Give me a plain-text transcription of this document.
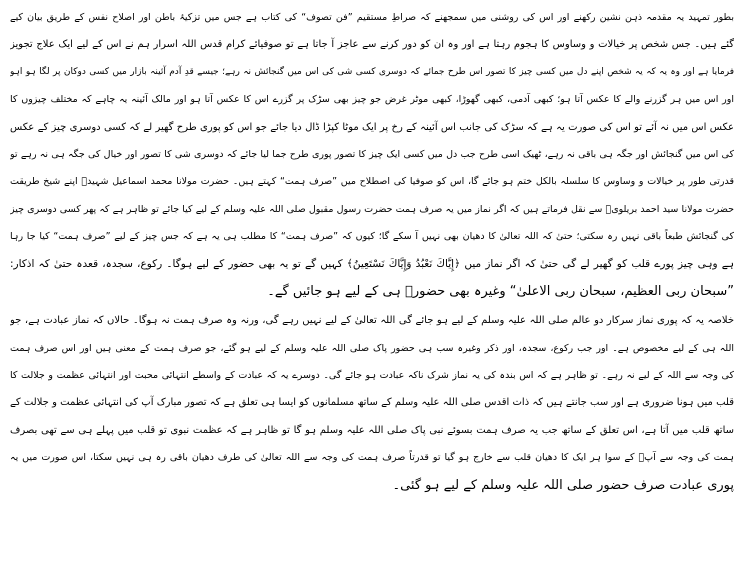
بطور تمہید یہ مقدمہ ذہن نشین رکھنے اور اس کی روشنی میں سمجھنے کہ صراطِ مستقیم ”فن تصوف“ کی کتاب ہے جس میں تزکیۂ باطن اور اصلاح نفس کے طریق بیان کیے
گئے ہیں۔ جس شخص پر خیالات و وساوس کا ہجوم رہتا ہے اور وہ ان کو دور کرنے سے عاجز آ جاتا ہے تو صوفیائے کرام قدس اللہ اسرار ہم نے اس کے لیے ایک علاج تجویز
فرمایا ہے اور وہ یہ کہ یہ شخص اپنے دل میں کسی چیز کا تصور اس طرح جمائے کہ دوسری کسی شی کی اس میں گنجائش نہ رہے؛ جیسے قدِ آدم آئینہ بازار میں کسی دوکان پر لگا ہو اہو
اور اس میں ہر گزرنے والے کا عکس آتا ہو؛ کبھی آدمی، کبھی گھوڑا، کبھی موٹر غرض جو چیز بھی سڑک پر گزرے اس کا عکس آتا ہو اور مالک آئینہ یہ چاہے کہ مختلف چیزوں کا
عکس اس میں نہ آئے تو اس کی صورت یہ ہے کہ سڑک کی جانب اس آئینہ کے رخ پر ایک موٹا کپڑا ڈال دیا جائے جو اس کو پوری طرح گھیر لے کہ کسی دوسری چیز کے عکس
کی اس میں گنجائش اور جگہ ہی باقی نہ رہے، ٹھیک اسی طرح جب دل میں کسی ایک چیز کا تصور پوری طرح جما لیا جائے کہ دوسری شی کا تصور اور خیال کی جگہ ہی نہ رہے تو
قدرتی طور پر خیالات و وساوس کا سلسلہ بالکل ختم ہو جائے گا، اس کو صوفیا کی اصطلاح میں ”صرف ہمت“ کہتے ہیں۔ حضرت مولانا محمد اسماعیل شہیدؒ اپنے شیخ طریقت
حضرت مولانا سید احمد بریلویؒ سے نقل فرماتے ہیں کہ اگر نماز میں یہ صرف ہمت حضرت رسول مقبول صلی اللہ علیہ وسلم کے لیے کیا جائے تو ظاہر ہے کہ پھر کسی دوسری چیز
کی گنجائش طبعاً باقی نہیں رہ سکتی؛ حتیٰ کہ اللہ تعالیٰ کا دھیان بھی نہیں آ سکے گا؛ کیوں کہ ”صرف ہمت“ کا مطلب ہی یہ ہے کہ جس چیز کے لیے ”صرف ہمت“ کیا جا رہا
ہے وہی چیز پورے قلب کو گھیر لے گی حتیٰ کہ اگر نماز میں ﴿إِيَّاكَ نَعْبُدُ وَإِيَّاكَ نَسْتَعِينُ﴾ کہیں گے تو یہ بھی حضور کے لیے ہوگا۔ رکوع، سجدہ، قعدہ حتیٰ کہ اذکار:
”سبحان ربی العظیم، سبحان ربی الاعلیٰ“ وغیرہ بھی حضورؐ ہی کے لیے ہو جائیں گے۔
خلاصہ یہ کہ پوری نماز سرکار دو عالم صلی اللہ علیہ وسلم کے لیے ہو جائے گی اللہ تعالیٰ کے لیے نہیں رہے گی، ورنہ وہ صرف ہمت نہ ہوگا۔ حالاں کہ نماز عبادت ہے، جو
اللہ ہی کے لیے مخصوص ہے۔ اور جب رکوع، سجدہ، اور ذکر وغیرہ سب ہی حضور پاک صلی اللہ علیہ وسلم کے لیے ہو گئے، جو صرف ہمت کے معنی ہیں اور اس صرف ہمت
کی وجہ سے اللہ کے لیے نہ رہے۔ تو ظاہر ہے کہ اس بندہ کی یہ نماز شرک ناکہ عبادت ہو جائے گی۔ دوسرے یہ کہ عبادت کے واسطے انتہائی محبت اور انتہائی عظمت و جلالت کا
قلب میں ہونا ضروری ہے اور سب جانتے ہیں کہ ذات اقدس صلی اللہ علیہ وسلم کے ساتھ مسلمانوں کو ایسا ہی تعلق ہے کہ تصور مبارک آپ کی انتہائی عظمت و جلالت کے
ساتھ قلب میں آتا ہے، اس تعلق کے ساتھ جب یہ صرف ہمت بسوئے نبی پاک صلی اللہ علیہ وسلم ہو گا تو ظاہر ہے کہ عظمت نبوی تو قلب میں پہلے ہی سے تھی بصرف
ہمت کی وجہ سے آپؐ کے سوا ہر ایک کا دھیان قلب سے خارج ہو گیا تو قدرتاً صرف ہمت کی وجہ سے اللہ تعالیٰ کی طرف دھیان باقی رہ ہی نہیں سکتا، اس صورت میں یہ
پوری عبادت صرف حضور صلی اللہ علیہ وسلم کے لیے ہو گئی۔
